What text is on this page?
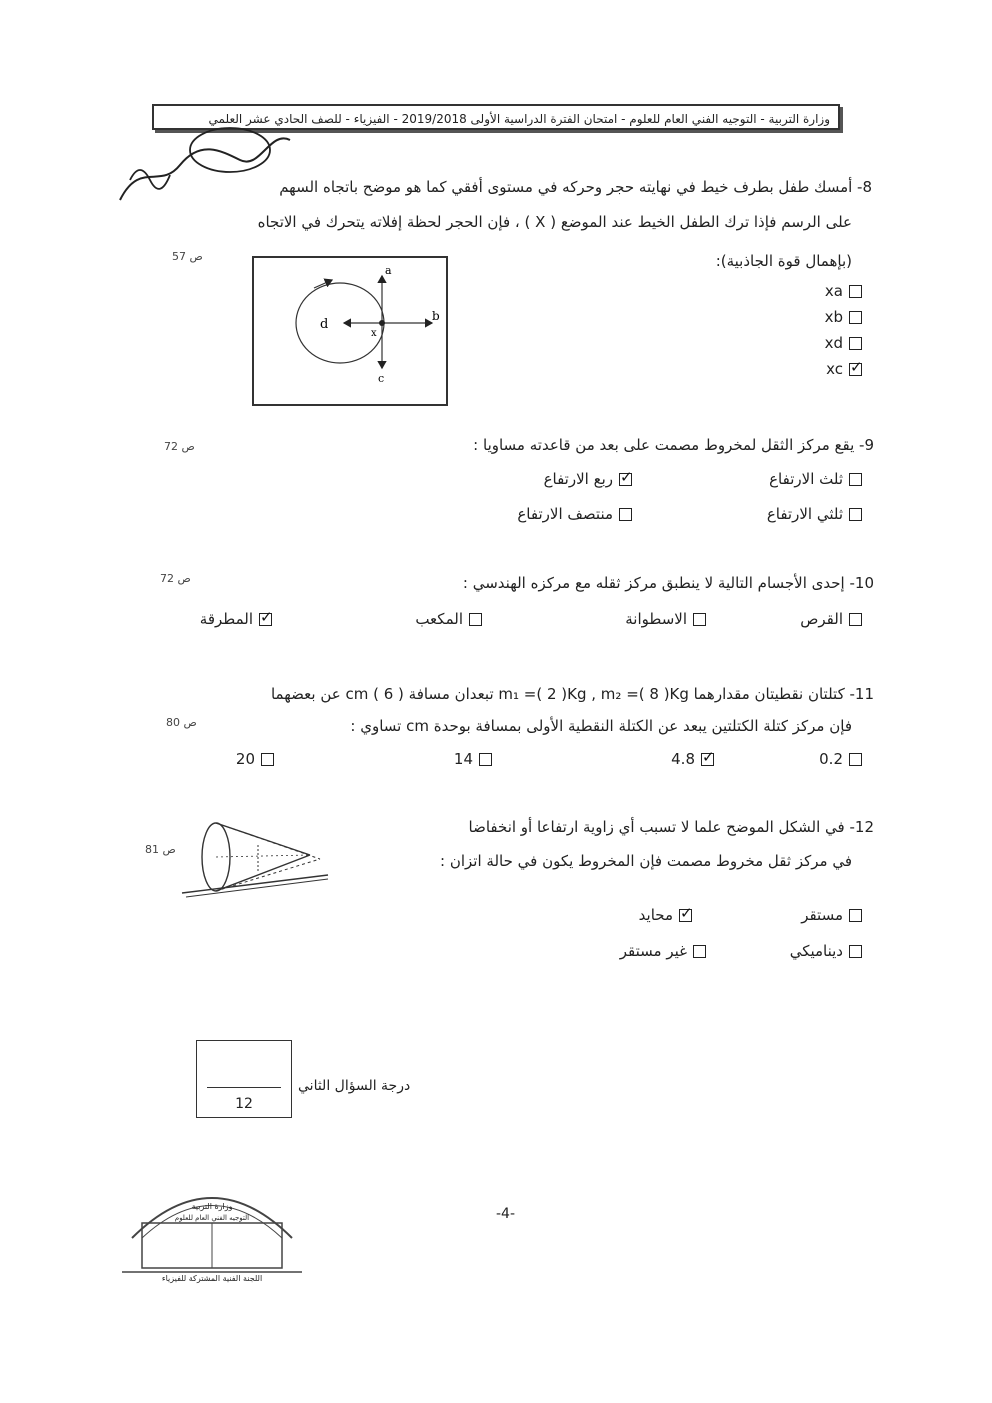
وزارة التربية - التوجيه الفني العام للعلوم - امتحان الفترة الدراسية الأولى 2019/2018 - الفيزياء - للصف الحادي عشر العلمي
8- أمسك طفل بطرف خيط في نهايته حجر وحركه في مستوى أفقي كما هو موضح باتجاه السهم
على الرسم فإذا ترك الطفل الخيط عند الموضع ( X ) ، فإن الحجر لحظة إفلاته يتحرك في الاتجاه
(بإهمال قوة الجاذبية):
ص 57
d
b
a
c
x
xa
xb
xd
✓
xc
9- يقع مركز الثقل لمخروط مصمت على بعد من قاعدته مساويا :
ص 72
ثلث الارتفاع
✓
ربع الارتفاع
ثلثي الارتفاع
منتصف الارتفاع
10- إحدى الأجسام التالية لا ينطبق مركز ثقله مع مركزه الهندسي :
ص 72
القرص
الاسطوانة
المكعب
✓
المطرقة
11- كتلتان نقطيتان مقدارهما m₁ =( 2 )Kg , m₂ =( 8 )Kg تبعدان مسافة ( 6 ) cm عن بعضهما
فإن مركز كتلة الكتلتين يبعد عن الكتلة النقطية الأولى بمسافة بوحدة cm تساوي :
ص 80
0.2
✓
4.8
14
20
12- في الشكل الموضح علما لا تسبب أي زاوية ارتفاعا أو انخفاضا
في مركز ثقل مخروط مصمت فإن المخروط يكون في حالة اتزان :
ص 81
مستقر
✓
محايد
ديناميكي
غير مستقر
12
درجة السؤال الثاني
وزارة التربية
التوجيه الفني العام للعلوم
اللجنة الفنية المشتركة للفيزياء
-4-
